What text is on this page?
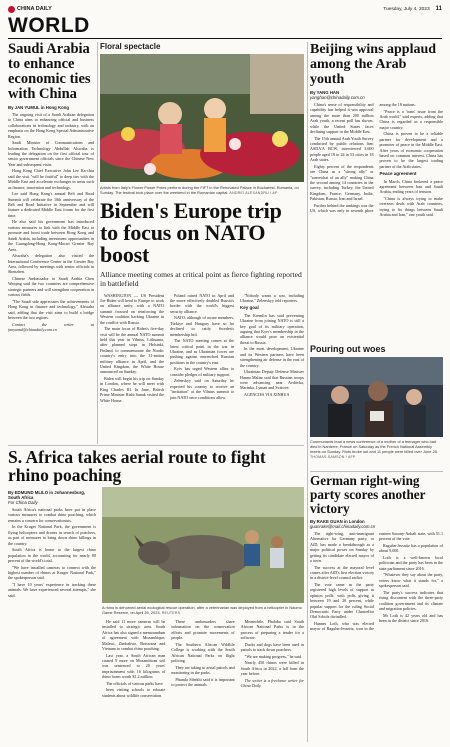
CHINA DAILY	Tuesday, July 4, 2023 11
WORLD
Saudi Arabia to enhance economic ties with China
By JAN YUMUL in Hong Kong

The ongoing visit of a Saudi Arabian delegation to China aims to enhancing official and business collaborations in technology and industry, with an emphasis on the Hong Kong Special Administrative Region.

Saudi Minister of Communications and Information Technology Abdullah Alswaha is leading the delegation on the first official tour of senior government officials since the Chinese New Year and subsequent visits.

Hong Kong Chief Executive John Lee Ka-chiu said the visit "will be fruitful" to deep ties with the Middle East and accelerate exchanges in areas such as finance, innovation and technology.

Lee said Hong Kong's annual Belt and Road Summit will celebrate the 10th anniversary of the Belt and Road Initiative in September and will feature a dedicated Middle East forum for the first time.

He also said his government has introduced various measures to link with the Middle East to promote and boost trade between Hong Kong and Saudi Arabia, including investment opportunities in the Guangdong-Hong Kong-Macao Greater Bay Area.

Alswaha's delegation also visited the International Conference Center in the Greater Bay Area, followed by meetings with senior officials in Shenzhen.

Chinese Ambassador to Saudi Arabia Chen Weiqing said the two countries are comprehensive strategic partners and will strengthen cooperation in various fields.

"The Saudi side appreciates the achievements of Hong Kong in finance and technology," Alswaha said, adding that the visit aims to build a bridge between the two regions.

Contact the writer at janyumul@chinadaily.com.cn

Floral spectacle
Artists from Italy's Flower Power Potes perform during the FiFT in the Renovated Palace in Bucharest, Romania, on Sunday. The festival took place over the weekend in the Romanian capital. ANDREI ALEXANDRU / AP
Beijing wins applaud among the Arab youth
By YANG HAN
yanghan@chinadaily.com.cn

China's sense of responsibility and capability has helped it win approval among the more than 200 million Arab youth, a recent poll has shown, while the United States faces declining support in the Middle East.

The 15th annual Arab Youth Survey conducted by public relations firm ASDA'A BCW, interviewed 3,600 people aged 18 to 24 in 53 cities in 18 Arab states.

Eighty percent of the respondents see China as a "strong ally" or "somewhat of an ally" making China the second among 14 countries in the survey, including Turkey, the United Kingdom, France, Germany, India, Pakistan, Russia, Iran and Israel.

Further behind the rankings was the US, which was only in seventh place among the 18 nations.

"Peace is a 'trans' issue from the Arab world," said experts, adding that China is regarded as a responsible major country.

China is proven to be a reliable partner for development and a promoter of peace in the Middle East. After years of economic cooperation based on common interest, China has proven to be the largest trading partner of the Arab states.

Peace agreement

In March, China brokered a peace agreement between Iran and Saudi Arabia, ending years of tension.

"China is always trying to make overseas deals with Arab countries, trying to fix things between Saudi Arabia and Iran," one youth said.

Biden's Europe trip to focus on NATO boost
Alliance meeting comes at critical point as fierce fighting reported in battlefield

WASHINGTON — US President Joe Biden will head to Europe to work on alliance unity, with a NATO summit focused on reinforcing the Western coalition backing Ukraine in the conflict with Russia.

The main focus of Biden's five-day visit will be the annual NATO summit held this year in Vilnius, Lithuania, after planned stops in Helsinki, Finland, to commemorate the Nordic country's entry into the 31-nation military alliance in April, and the United Kingdom, the White House announced on Sunday.

Biden will begin his trip on Sunday in London, where he will meet with King Charles III. In June, British Prime Minister Rishi Sunak visited the White House.

Poland raised NATO in April and the move effectively doubled Russia's border with the world's biggest security alliance.

NATO, although of aware members, Türkiye and Hungary have so far declined to ratify Sweden's membership bid.

The NATO meeting comes at the latest critical point in the war in Ukraine, and as Ukrainian forces are pushing against entrenched Russian positions in the country's east.

Kyiv has urged Western allies to consider pledges of military support.

Zelenskyy said on Saturday he expected his country to receive an "invitation" at the Vilnius summit to join NATO once conditions allow.

"Nobody wants a war, including Ukraine," Zelenskyy told reporters.

Key goal

The Kremlin has said preventing Ukraine from joining NATO is still a key goal of its military operation, arguing that Kyiv's membership in the alliance would pose an existential threat to Russia.

In the most development, Ukraine and its Western partners have been strengthening air defense in the east of the country.

Ukrainian Deputy Defense Minister Hanna Maliar said that Russian troops were advancing near Avdiivka, Marinka, Lyman and Svatove.

AGENCIES VIA XINHUA

Pouring out woes
Communards lead a news conference of a mother of a teenager who had died in Nanterre, France on Saturday as the French National Assembly meets on Sunday. Riots broke out and 11 people were killed over June 28. THOMAS SAMSON / AFP
German right-wing party scores another victory
By RAKE GUAN in London
guanrake@mail.chinadaily.com.cn

The right-wing, anti-immigrant Alternative for Germany party, or AfD, has made a breakthrough as a major political power on Sunday by getting its candidate elected mayor of a town.

The success at the mayoral level comes after AfD's first election victory in a district-level council earlier.

The vote came as the party registered high levels of support in opinion polls, with polls giving it between 19 and 20 percent, while popular support for the ruling Social Democratic Party under Chancellor Olaf Scholz dwindled.

Hannes Loth, who was elected mayor of Raguhn-Jessnitz, won in the eastern Saxony-Anhalt state, with 51.1 percent of the vote.

Raguhn-Jessnitz has a population of about 9,000.

Loth is a well-known local politician and the party has been in the state parliament since 2016.

"Whatever they say about the party, voters know what it stands for," a spokesperson said.

The party's success indicates that rising discontent with the three-party coalition government and its climate and migration policies.

Mr Loth is 42 years old and has been in the district since 2016.

S. Africa takes aerial route to fight rhino poaching
By EDMUND MLILO in Johannesburg, South Africa
For China Daily

South Africa's national parks have put in place various measures to combat rhino poaching, which remains a concern for conservationists.

In the Kruger National Park, the government is flying helicopters and drones in search of poachers, as part of measures to bring down rhino killings in the country.

South Africa is home to the largest rhino population in the world, accounting for nearly 80 percent of the world's total.

"We have installed cameras to connect with the highest number of rhinos at Kruger National Park," the spokesperson said.

"I have 10 years' experience in tracking these animals. We have experienced several attempts," she said.

A rhino is dehorned aerial ecological rescue operation, after a veterinarian was deployed from a helicopter in Ndumo Game Reserve, on April 26, 2023. REUTERS

He said 11 more cameras will be installed to strategic area. South Africa has also signed a memorandum of agreement with Mozambique, Malawi, Zimbabwe, Botswana and Vietnam to combat rhino poaching.

Last year, a South African man caused 9 more on Mozambican soil was sentenced to 20 years' imprisonment with 16 kilograms of rhino horns worth $1.2 million.

The officials of various parks have

been visiting schools to educate students about wildlife conservation.

These ambassadors share information on the conservation efforts and promote movements of people.

The Southern African Wildlife College is working with the South African National Parks on flight policing.

They are taking to aerial patrols and monitoring in the parks.

Phumla Sibekhi said it is important to protect the animals.

Meanwhile, Phalaba said South African National Parks is in the process of preparing a tender for a software.

Ducks and dogs have been used in patrols to track down poachers.

"We are making progress," he said.

Nearly 450 rhinos were killed in South Africa in 2022, a fall from the year before.

The writer is a freelance writer for China Daily.
